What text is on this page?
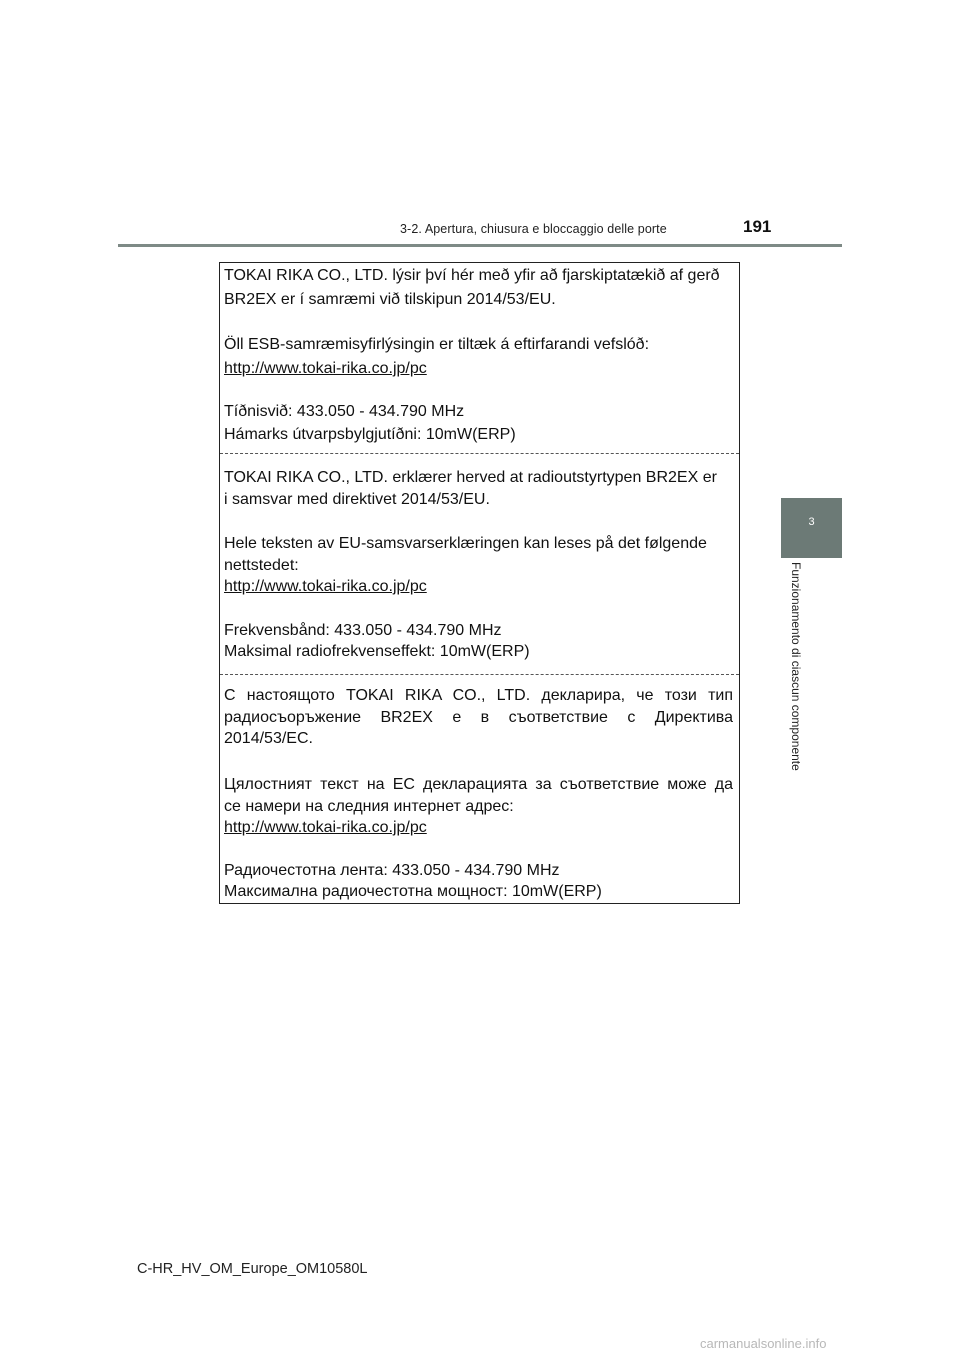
3-2. Apertura, chiusura e bloccaggio delle porte	191
3
Funzionamento di ciascun componente
TOKAI RIKA CO., LTD. lýsir því hér með yfir að fjarskiptatækið af gerð
BR2EX er í samræmi við tilskipun 2014/53/EU.
Öll ESB-samræmisyfirlýsingin er tiltæk á eftirfarandi vefslóð:
http://www.tokai-rika.co.jp/pc
Tíðnisvið: 433.050 - 434.790 MHz
Hámarks útvarpsbylgjutíðni: 10mW(ERP)
TOKAI RIKA CO., LTD. erklærer herved at radioutstyrtypen BR2EX er
i samsvar med direktivet 2014/53/EU.
Hele teksten av EU-samsvarserklæringen kan leses på det følgende
nettstedet:
http://www.tokai-rika.co.jp/pc
Frekvensbånd: 433.050 - 434.790 MHz
Maksimal radiofrekvenseffekt: 10mW(ERP)
С настоящото TOKAI RIKA CO., LTD. декларира, че този тип
радиосъоръжение BR2EX е в съответствие с Директива
2014/53/ЕС.
Цялостният текст на ЕС декларацията за съответствие може да
се намери на следния интернет адрес:
http://www.tokai-rika.co.jp/pc
Радиочестотна лента: 433.050 - 434.790 MHz
Максимална радиочестотна мощност: 10mW(ERP)
C-HR_HV_OM_Europe_OM10580L
carmanualsonline.info
